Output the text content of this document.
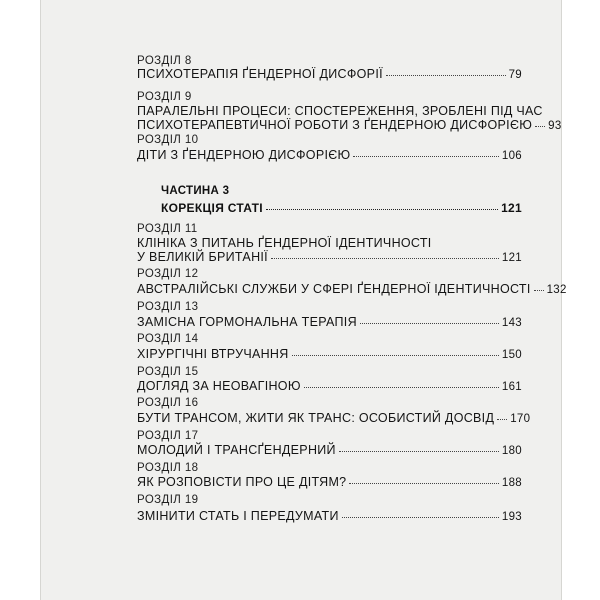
РОЗДІЛ 8
ПСИХОТЕРАПІЯ ҐЕНДЕРНОЇ ДИСФОРІЇ	79
РОЗДІЛ 9
ПАРАЛЕЛЬНІ ПРОЦЕСИ: СПОСТЕРЕЖЕННЯ, ЗРОБЛЕНІ ПІД ЧАС
ПСИХОТЕРАПЕВТИЧНОЇ РОБОТИ З ҐЕНДЕРНОЮ ДИСФОРІЄЮ 93
РОЗДІЛ 10
ДІТИ З ҐЕНДЕРНОЮ ДИСФОРІЄЮ	106
ЧАСТИНА 3
КОРЕКЦІЯ СТАТІ	121
РОЗДІЛ 11
КЛІНІКА З ПИТАНЬ ҐЕНДЕРНОЇ ІДЕНТИЧНОСТІ
У ВЕЛИКІЙ БРИТАНІЇ	121
РОЗДІЛ 12
АВСТРАЛІЙСЬКІ СЛУЖБИ У СФЕРІ ҐЕНДЕРНОЇ ІДЕНТИЧНОСТІ 132
РОЗДІЛ 13
ЗАМІСНА ГОРМОНАЛЬНА ТЕРАПІЯ	143
РОЗДІЛ 14
ХІРУРГІЧНІ ВТРУЧАННЯ	150
РОЗДІЛ 15
ДОГЛЯД ЗА НЕОВАГІНОЮ	161
РОЗДІЛ 16
БУТИ ТРАНСОМ, ЖИТИ ЯК ТРАНС: ОСОБИСТИЙ ДОСВІД 170
РОЗДІЛ 17
МОЛОДИЙ І ТРАНСҐЕНДЕРНИЙ	180
РОЗДІЛ 18
ЯК РОЗПОВІСТИ ПРО ЦЕ ДІТЯМ?	188
РОЗДІЛ 19
ЗМІНИТИ СТАТЬ І ПЕРЕДУМАТИ	193
